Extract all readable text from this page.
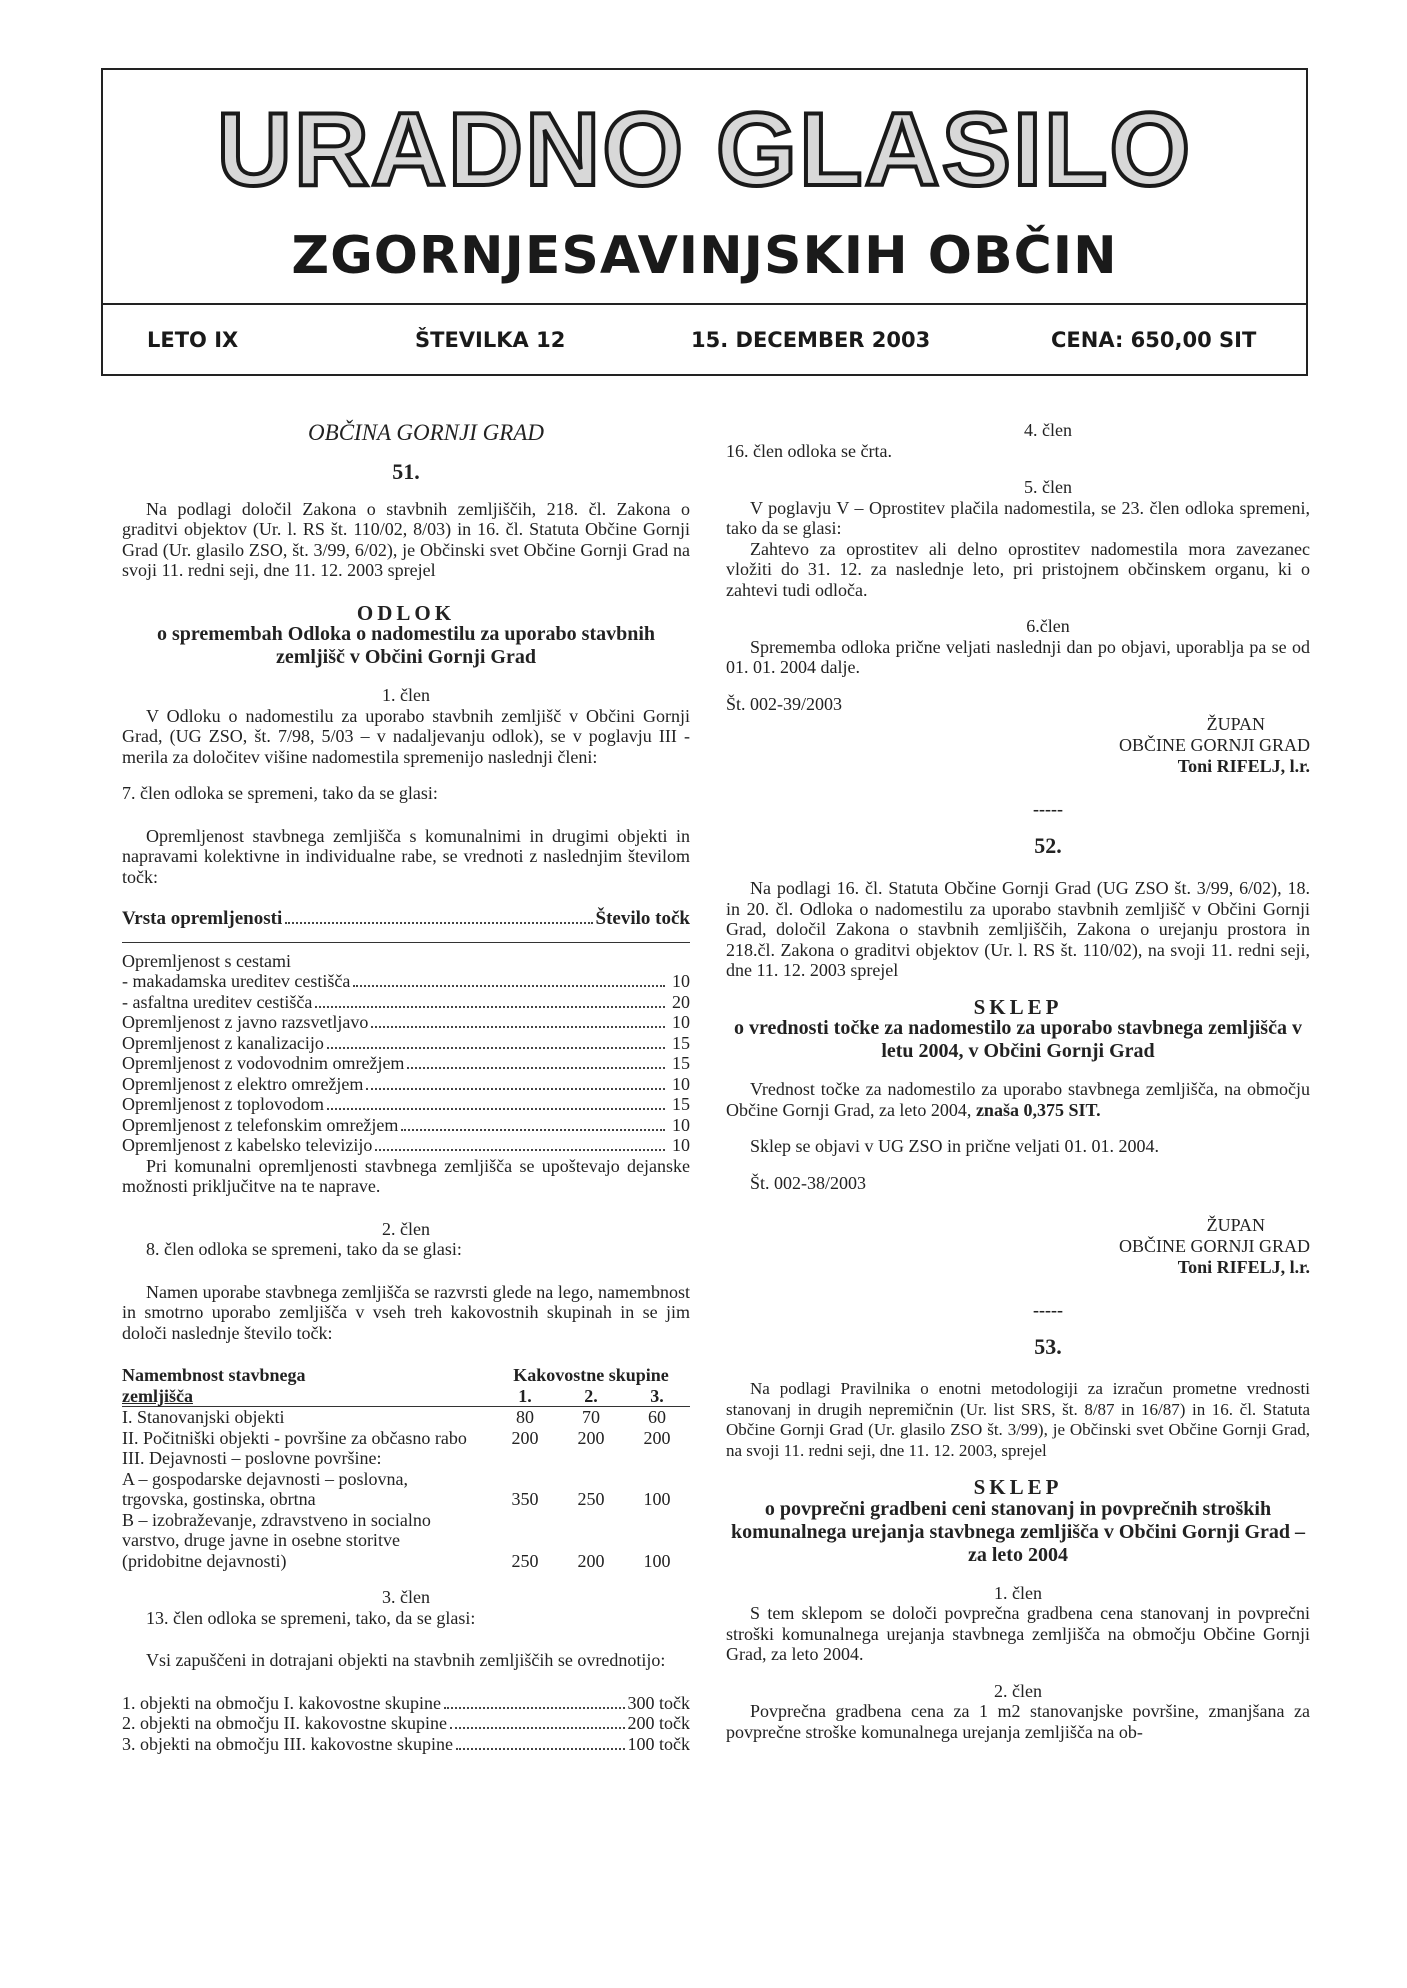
URADNO GLASILO
ZGORNJESAVINJSKIH OBČIN
LETO IX	ŠTEVILKA 12	15. DECEMBER 2003	CENA: 650,00 SIT

OBČINA GORNJI GRAD

51.

Na podlagi določil Zakona o stavbnih zemljiščih, 218. čl. Zakona o graditvi objektov (Ur. l. RS št. 110/02, 8/03) in 16. čl. Statuta Občine Gornji Grad (Ur. glasilo ZSO, št. 3/99, 6/02), je Občinski svet Občine Gornji Grad na svoji 11. redni seji, dne 11. 12. 2003 sprejel

ODLOK

o spremembah Odloka o nadomestilu za uporabo stavbnih zemljišč v Občini Gornji Grad

1. člen

V Odloku o nadomestilu za uporabo stavbnih zemljišč v Občini Gornji Grad, (UG ZSO, št. 7/98, 5/03 – v nadaljevanju odlok), se v poglavju III - merila za določitev višine nadomestila spremenijo naslednji členi:

7. člen odloka se spremeni, tako da se glasi:

Opremljenost stavbnega zemljišča s komunalnimi in drugimi objekti in napravami kolektivne in individualne rabe, se vrednoti z naslednjim številom točk:

Vrsta opremljenosti	Število točk

Opremljenost s cestami

- makadamska ureditev cestišča	10
- asfaltna ureditev cestišča	20
Opremljenost z javno razsvetljavo	10
Opremljenost z kanalizacijo	15
Opremljenost z vodovodnim omrežjem	15
Opremljenost z elektro omrežjem	10
Opremljenost z toplovodom	15
Opremljenost z telefonskim omrežjem	10
Opremljenost z kabelsko televizijo	10

Pri komunalni opremljenosti stavbnega zemljišča se upoštevajo dejanske možnosti priključitve na te naprave.

2. člen

8. člen odloka se spremeni, tako da se glasi:

Namen uporabe stavbnega zemljišča se razvrsti glede na lego, namembnost in smotrno uporabo zemljišča v vseh treh kakovostnih skupinah in se jim določi naslednje število točk:

Namembnost stavbnega	Kakovostne skupine		
zemljišča	1.	2.	3.
I. Stanovanjski objekti	80	70	60
II. Počitniški objekti - površine za občasno rabo	200	200	200
III. Dejavnosti – poslovne površine:			
A – gospodarske dejavnosti – poslovna, trgovska, gostinska, obrtna	350	250	100
B – izobraževanje, zdravstveno in socialno varstvo, druge javne in osebne storitve (pridobitne dejavnosti)	250	200	100

3. člen

13. člen odloka se spremeni, tako, da se glasi:

Vsi zapuščeni in dotrajani objekti na stavbnih zemljiščih se ovrednotijo:

1. objekti na območju I. kakovostne skupine	300 točk
2. objekti na območju II. kakovostne skupine	200 točk
3. objekti na območju III. kakovostne skupine	100 točk

4. člen

16. člen odloka se črta.

5. člen

V poglavju V – Oprostitev plačila nadomestila, se 23. člen odloka spremeni, tako da se glasi:

Zahtevo za oprostitev ali delno oprostitev nadomestila mora zavezanec vložiti do 31. 12. za naslednje leto, pri pristojnem občinskem organu, ki o zahtevi tudi odloča.

6.člen

Sprememba odloka prične veljati naslednji dan po objavi, uporablja pa se od 01. 01. 2004 dalje.

Št. 002-39/2003

ŽUPAN
OBČINE GORNJI GRAD
Toni RIFELJ, l.r.

-----

52.

Na podlagi 16. čl. Statuta Občine Gornji Grad (UG ZSO št. 3/99, 6/02), 18. in 20. čl. Odloka o nadomestilu za uporabo stavbnih zemljišč v Občini Gornji Grad, določil Zakona o stavbnih zemljiščih, Zakona o urejanju prostora in 218.čl. Zakona o graditvi objektov (Ur. l. RS št. 110/02), na svoji 11. redni seji, dne 11. 12. 2003 sprejel

SKLEP

o vrednosti točke za nadomestilo za uporabo stavbnega zemljišča v letu 2004, v Občini Gornji Grad

Vrednost točke za nadomestilo za uporabo stavbnega zemljišča, na območju Občine Gornji Grad, za leto 2004, znaša 0,375 SIT.

Sklep se objavi v UG ZSO in prične veljati 01. 01. 2004.

Št. 002-38/2003

ŽUPAN
OBČINE GORNJI GRAD
Toni RIFELJ, l.r.

-----

53.

Na podlagi Pravilnika o enotni metodologiji za izračun prometne vrednosti stanovanj in drugih nepremičnin (Ur. list SRS, št. 8/87 in 16/87) in 16. čl. Statuta Občine Gornji Grad (Ur. glasilo ZSO št. 3/99), je Občinski svet Občine Gornji Grad, na svoji 11. redni seji, dne 11. 12. 2003, sprejel

SKLEP

o povprečni gradbeni ceni stanovanj in povprečnih stroških komunalnega urejanja stavbnega zemljišča v Občini Gornji Grad – za leto 2004

1. člen

S tem sklepom se določi povprečna gradbena cena stanovanj in povprečni stroški komunalnega urejanja stavbnega zemljišča na območju Občine Gornji Grad, za leto 2004.

2. člen

Povprečna gradbena cena za 1 m2 stanovanjske površine, zmanjšana za povprečne stroške komunalnega urejanja zemljišča na ob-
